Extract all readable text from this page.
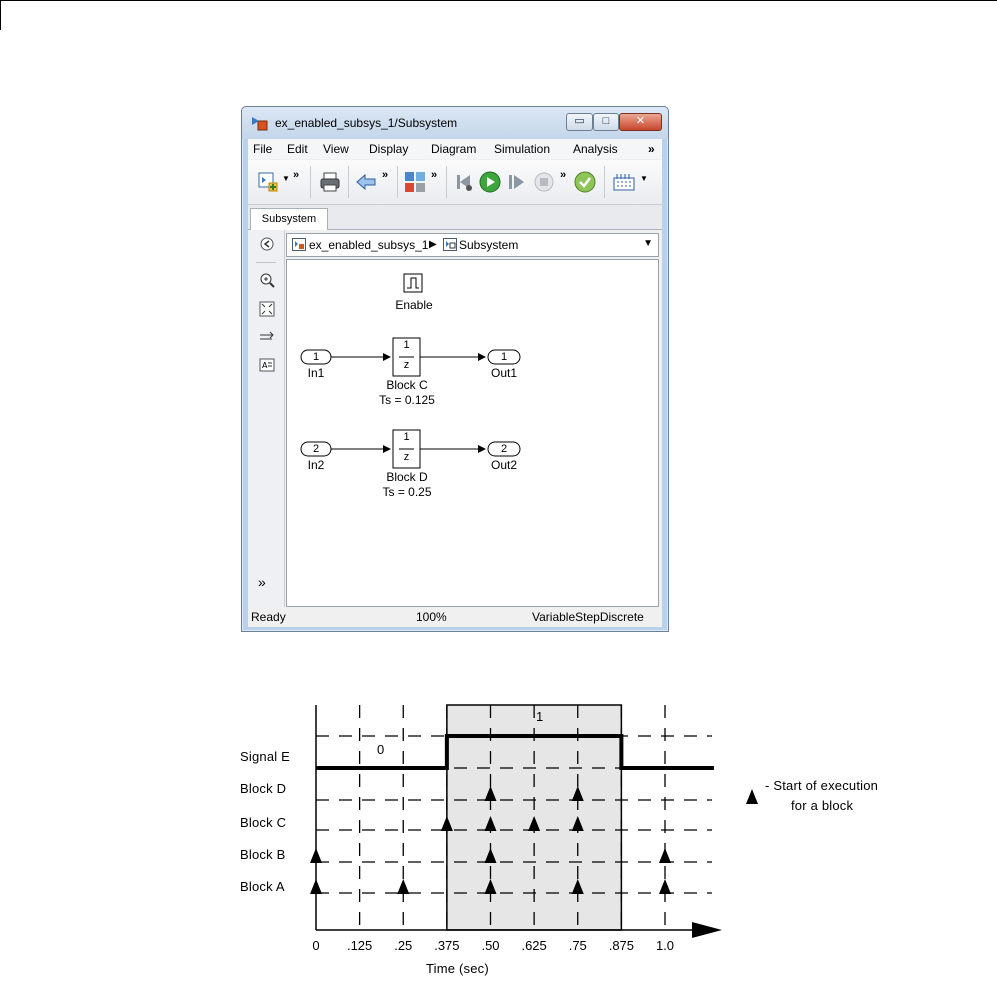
ex_enabled_subsys_1/Subsystem	▭	□	✕
File Edit View Display Diagram Simulation Analysis	»
▼ »	»	»	»	▼
Subsystem
A
»
ex_enabled_subsys_1 ▶ Subsystem	▼
Enable
1
In1
1
z
Block C
Ts = 0.125
1
Out1
2
In2
1
z
Block D
Ts = 0.25
2
Out2
Ready	100%	VariableStepDiscrete
0 .125 .25 .375 .50 .625 .75 .875 1.0
Signal E
Block D
Block C
Block B
Block A
0
1
Time (sec)
- Start of execution
for a block
